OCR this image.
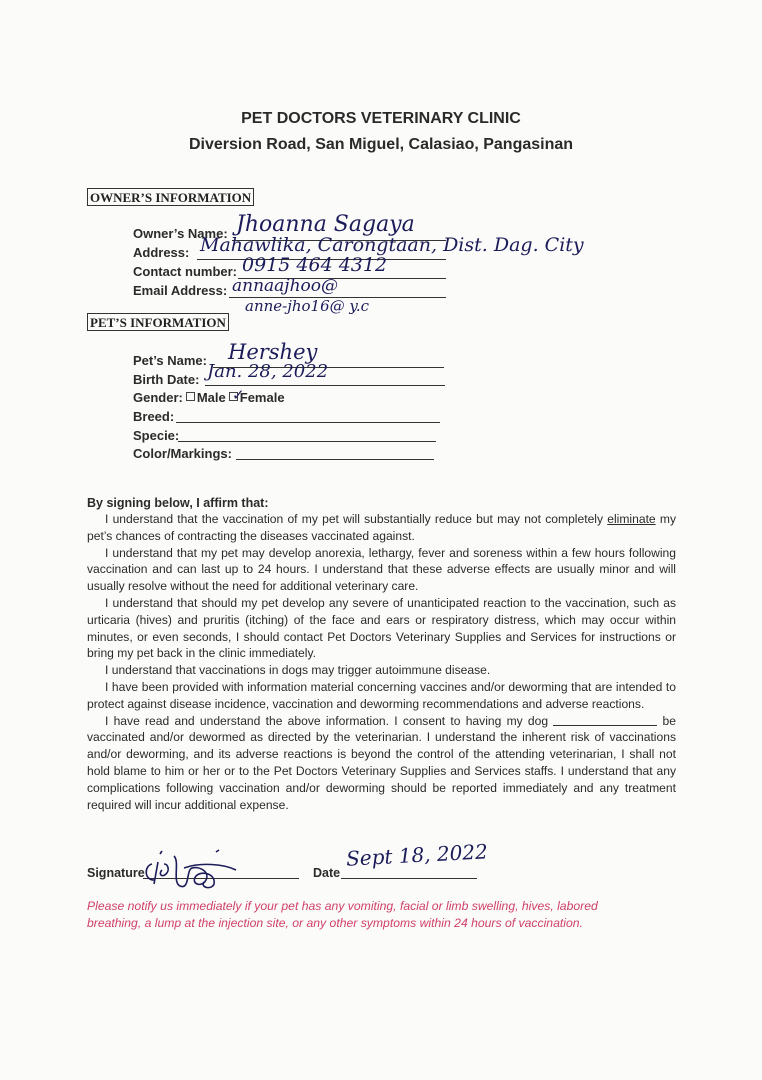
PET DOCTORS VETERINARY CLINIC
Diversion Road, San Miguel, Calasiao, Pangasinan
OWNER’S INFORMATION
Owner’s Name: Jhoanna Sagaya
Address: Mahawlika, Carongtaan, Dist. Dag. City
Contact number: 0915 464 4312
Email Address: annaajhoo@
anne-jho16@ y.c
PET’S INFORMATION
Pet’s Name: Hershey
Birth Date: Jan. 28, 2022
Gender: Male Female
✓
Breed:
Specie:
Color/Markings:
By signing below, I affirm that:

I understand that the vaccination of my pet will substantially reduce but may not completely eliminate my pet’s chances of contracting the diseases vaccinated against.

I understand that my pet may develop anorexia, lethargy, fever and soreness within a few hours following vaccination and can last up to 24 hours. I understand that these adverse effects are usually minor and will usually resolve without the need for additional veterinary care.

I understand that should my pet develop any severe of unanticipated reaction to the vaccination, such as urticaria (hives) and pruritis (itching) of the face and ears or respiratory distress, which may occur within minutes, or even seconds, I should contact Pet Doctors Veterinary Supplies and Services for instructions or bring my pet back in the clinic immediately.

I understand that vaccinations in dogs may trigger autoimmune disease.

I have been provided with information material concerning vaccines and/or deworming that are intended to protect against disease incidence, vaccination and deworming recommendations and adverse reactions.

I have read and understand the above information. I consent to having my dog	be vaccinated and/or dewormed as directed by the veterinarian. I understand the inherent risk of vaccinations and/or deworming, and its adverse reactions is beyond the control of the attending veterinarian, I shall not hold blame to him or her or to the Pet Doctors Veterinary Supplies and Services staffs. I understand that any complications following vaccination and/or deworming should be reported immediately and any treatment required will incur additional expense.

Signature	Date
Sept 18, 2022
Please notify us immediately if your pet has any vomiting, facial or limb swelling, hives, labored breathing, a lump at the injection site, or any other symptoms within 24 hours of vaccination.
